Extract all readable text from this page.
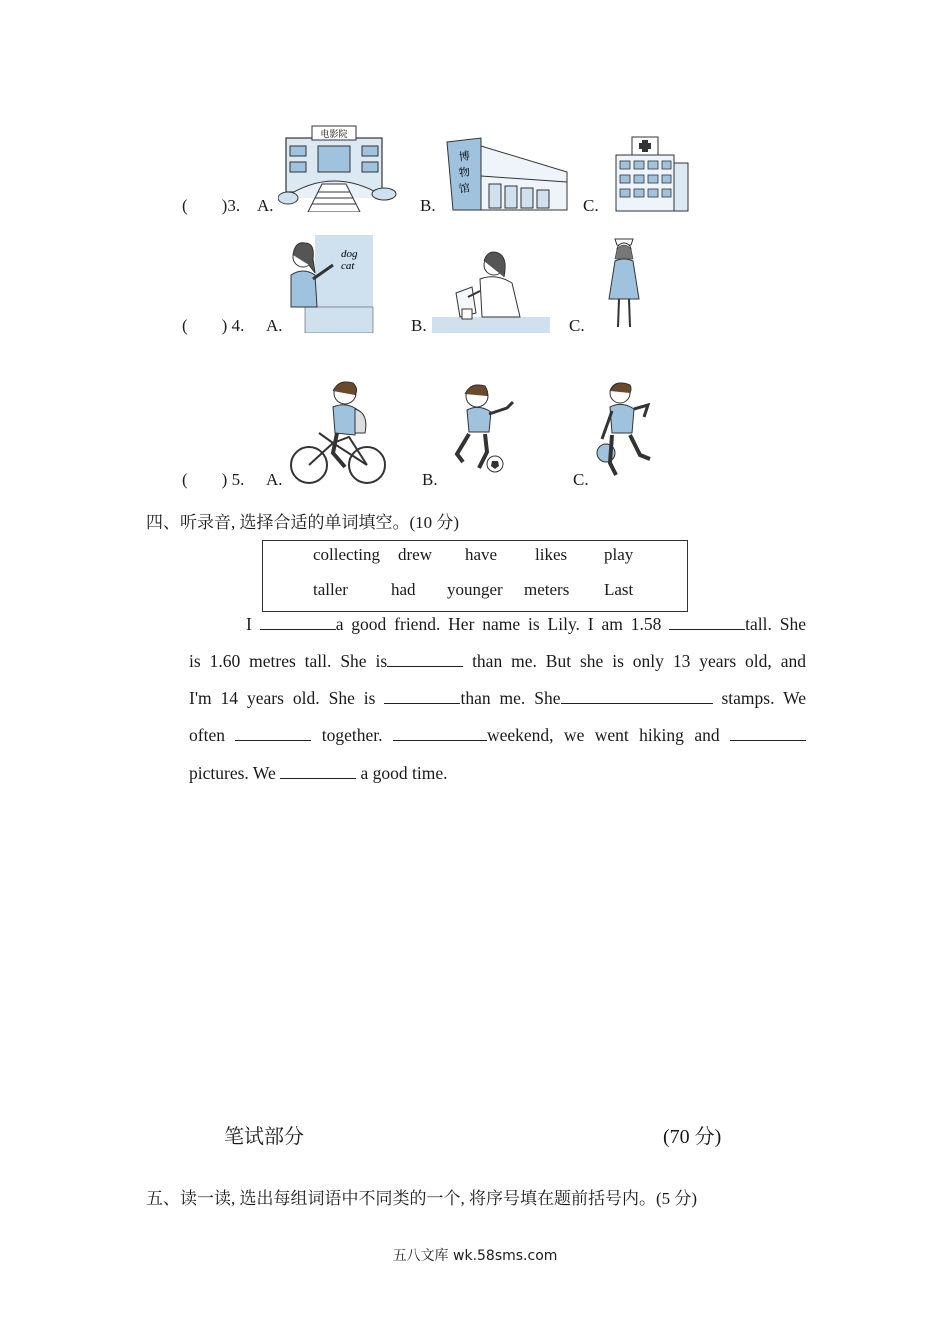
(        )3. A.	B.	C.
电影院
博
物
馆
(        ) 4. A.	B.	C.
dog
cat
(        ) 5. A.	B.	C.
四、听录音, 选择合适的单词填空。(10 分)
collecting drew have likes play
taller	had younger meters Last
I	a good friend. Her name is Lily. I am 1.58	tall. She
is 1.60 metres tall. She is	than me. But she is only 13 years old, and
I'm 14 years old. She is	than me. She	stamps. We
often	together.	weekend, we went hiking and
pictures. We	a good time.
笔试部分	(70 分)
五、读一读, 选出每组词语中不同类的一个, 将序号填在题前括号内。(5 分)
五八文库 wk.58sms.com
